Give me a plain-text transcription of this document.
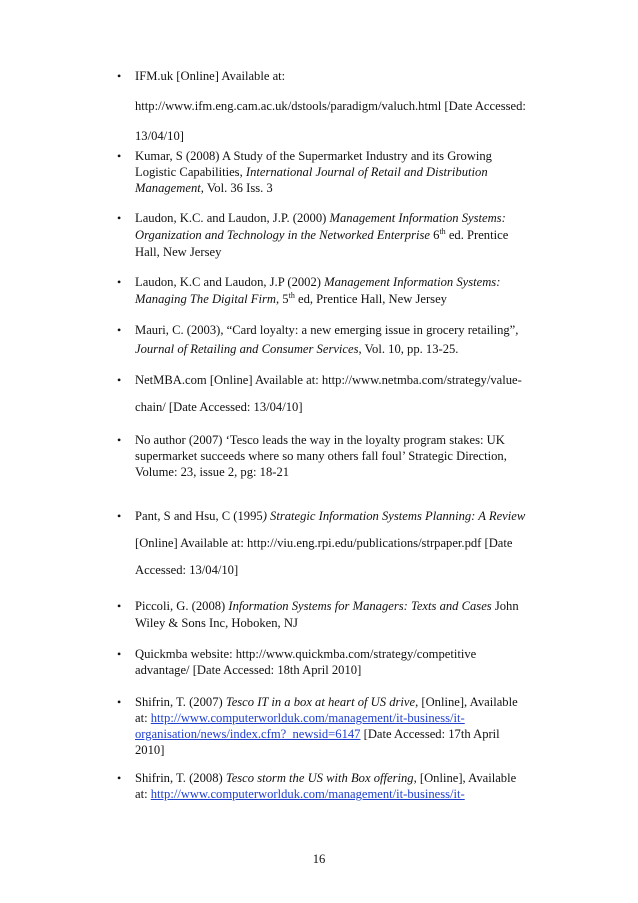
• IFM.uk [Online] Available at:
http://www.ifm.eng.cam.ac.uk/dstools/paradigm/valuch.html [Date Accessed:
13/04/10]
• Kumar, S (2008) A Study of the Supermarket Industry and its Growing
Logistic Capabilities, International Journal of Retail and Distribution
Management, Vol. 36 Iss. 3
• Laudon, K.C. and Laudon, J.P. (2000) Management Information Systems:
Organization and Technology in the Networked Enterprise 6th ed. Prentice
Hall, New Jersey
• Laudon, K.C and Laudon, J.P (2002) Management Information Systems:
Managing The Digital Firm, 5th ed, Prentice Hall, New Jersey
• Mauri, C. (2003), “Card loyalty: a new emerging issue in grocery retailing”,
Journal of Retailing and Consumer Services, Vol. 10, pp. 13-25.
• NetMBA.com [Online] Available at: http://www.netmba.com/strategy/value-
chain/ [Date Accessed: 13/04/10]
• No author (2007) ‘Tesco leads the way in the loyalty program stakes: UK
supermarket succeeds where so many others fall foul’ Strategic Direction,
Volume: 23, issue 2, pg: 18-21
• Pant, S and Hsu, C (1995) Strategic Information Systems Planning: A Review
[Online] Available at: http://viu.eng.rpi.edu/publications/strpaper.pdf [Date
Accessed: 13/04/10]
• Piccoli, G. (2008) Information Systems for Managers: Texts and Cases John
Wiley & Sons Inc, Hoboken, NJ
• Quickmba website: http://www.quickmba.com/strategy/competitive
advantage/ [Date Accessed: 18th April 2010]
• Shifrin, T. (2007) Tesco IT in a box at heart of US drive, [Online], Available
at: http://www.computerworlduk.com/management/it-business/it-
organisation/news/index.cfm?_newsid=6147 [Date Accessed: 17th April
2010]
• Shifrin, T. (2008) Tesco storm the US with Box offering, [Online], Available
at: http://www.computerworlduk.com/management/it-business/it-
16
